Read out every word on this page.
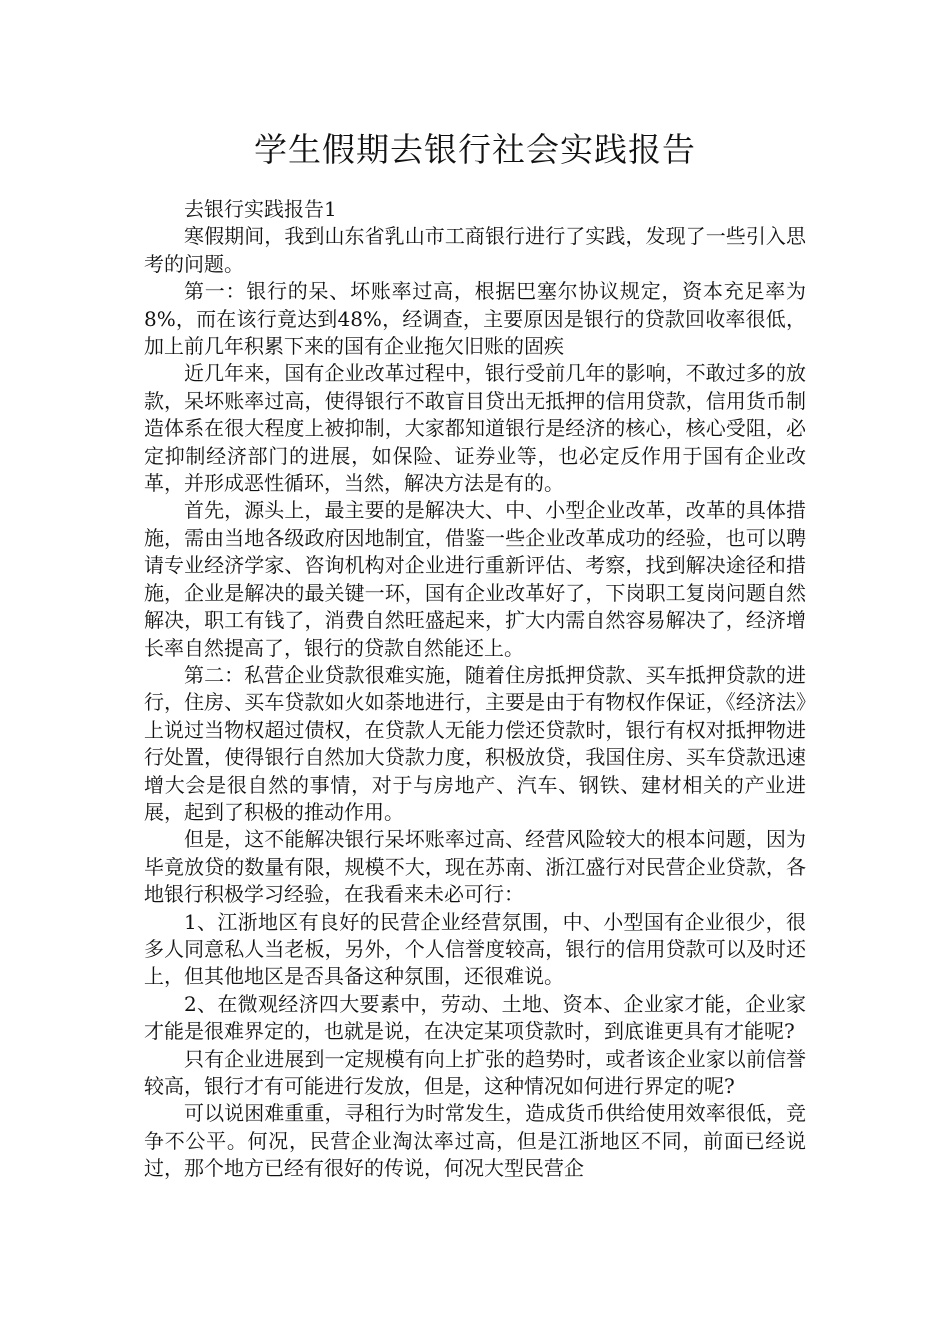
学生假期去银行社会实践报告

去银行实践报告1

寒假期间，我到山东省乳山市工商银行进行了实践，发现了一些引入思考的问题。

第一：银行的呆、坏账率过高，根据巴塞尔协议规定，资本充足率为8%，而在该行竟达到48%，经调查，主要原因是银行的贷款回收率很低，加上前几年积累下来的国有企业拖欠旧账的固疾

近几年来，国有企业改革过程中，银行受前几年的影响，不敢过多的放款，呆坏账率过高，使得银行不敢盲目贷出无抵押的信用贷款，信用货币制造体系在很大程度上被抑制，大家都知道银行是经济的核心，核心受阻，必定抑制经济部门的进展，如保险、证券业等，也必定反作用于国有企业改革，并形成恶性循环，当然，解决方法是有的。

首先，源头上，最主要的是解决大、中、小型企业改革，改革的具体措施，需由当地各级政府因地制宜，借鉴一些企业改革成功的经验，也可以聘请专业经济学家、咨询机构对企业进行重新评估、考察，找到解决途径和措施，企业是解决的最关键一环，国有企业改革好了，下岗职工复岗问题自然解决，职工有钱了，消费自然旺盛起来，扩大内需自然容易解决了，经济增长率自然提高了，银行的贷款自然能还上。

第二：私营企业贷款很难实施，随着住房抵押贷款、买车抵押贷款的进行，住房、买车贷款如火如荼地进行，主要是由于有物权作保证，《经济法》上说过当物权超过债权，在贷款人无能力偿还贷款时，银行有权对抵押物进行处置，使得银行自然加大贷款力度，积极放贷，我国住房、买车贷款迅速增大会是很自然的事情，对于与房地产、汽车、钢铁、建材相关的产业进展，起到了积极的推动作用。

但是，这不能解决银行呆坏账率过高、经营风险较大的根本问题，因为毕竟放贷的数量有限，规模不大，现在苏南、浙江盛行对民营企业贷款，各地银行积极学习经验，在我看来未必可行：

1、江浙地区有良好的民营企业经营氛围，中、小型国有企业很少，很多人同意私人当老板，另外，个人信誉度较高，银行的信用贷款可以及时还上，但其他地区是否具备这种氛围，还很难说。

2、在微观经济四大要素中，劳动、土地、资本、企业家才能，企业家才能是很难界定的，也就是说，在决定某项贷款时，到底谁更具有才能呢?

只有企业进展到一定规模有向上扩张的趋势时，或者该企业家以前信誉较高，银行才有可能进行发放，但是，这种情况如何进行界定的呢?

可以说困难重重，寻租行为时常发生，造成货币供给使用效率很低，竞争不公平。何况，民营企业淘汰率过高，但是江浙地区不同，前面已经说过，那个地方已经有很好的传说，何况大型民营企
